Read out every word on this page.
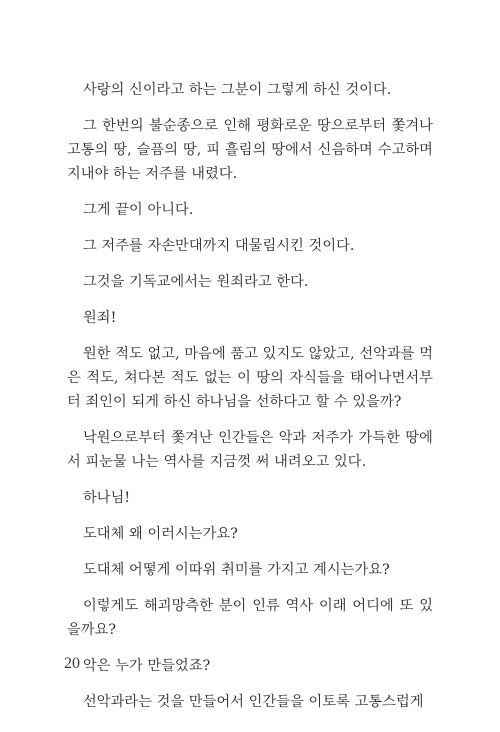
사랑의 신이라고 하는 그분이 그렇게 하신 것이다.

그 한번의 불순종으로 인해 평화로운 땅으로부터 쫓겨나 고통의 땅, 슬픔의 땅, 피 흘림의 땅에서 신음하며 수고하며 지내야 하는 저주를 내렸다.

그게 끝이 아니다.

그 저주를 자손만대까지 대물림시킨 것이다.

그것을 기독교에서는 원죄라고 한다.

원죄!

원한 적도 없고, 마음에 품고 있지도 않았고, 선악과를 먹은 적도, 쳐다본 적도 없는 이 땅의 자식들을 태어나면서부터 죄인이 되게 하신 하나님을 선하다고 할 수 있을까?

낙원으로부터 쫓겨난 인간들은 악과 저주가 가득한 땅에서 피눈물 나는 역사를 지금껏 써 내려오고 있다.

하나님!

도대체 왜 이러시는가요?

도대체 어떻게 이따위 취미를 가지고 계시는가요?

이렇게도 해괴망측한 분이 인류 역사 이래 어디에 또 있을까요?

악은 누가 만들었죠?

선악과라는 것을 만들어서 인간들을 이토록 고통스럽게

20
